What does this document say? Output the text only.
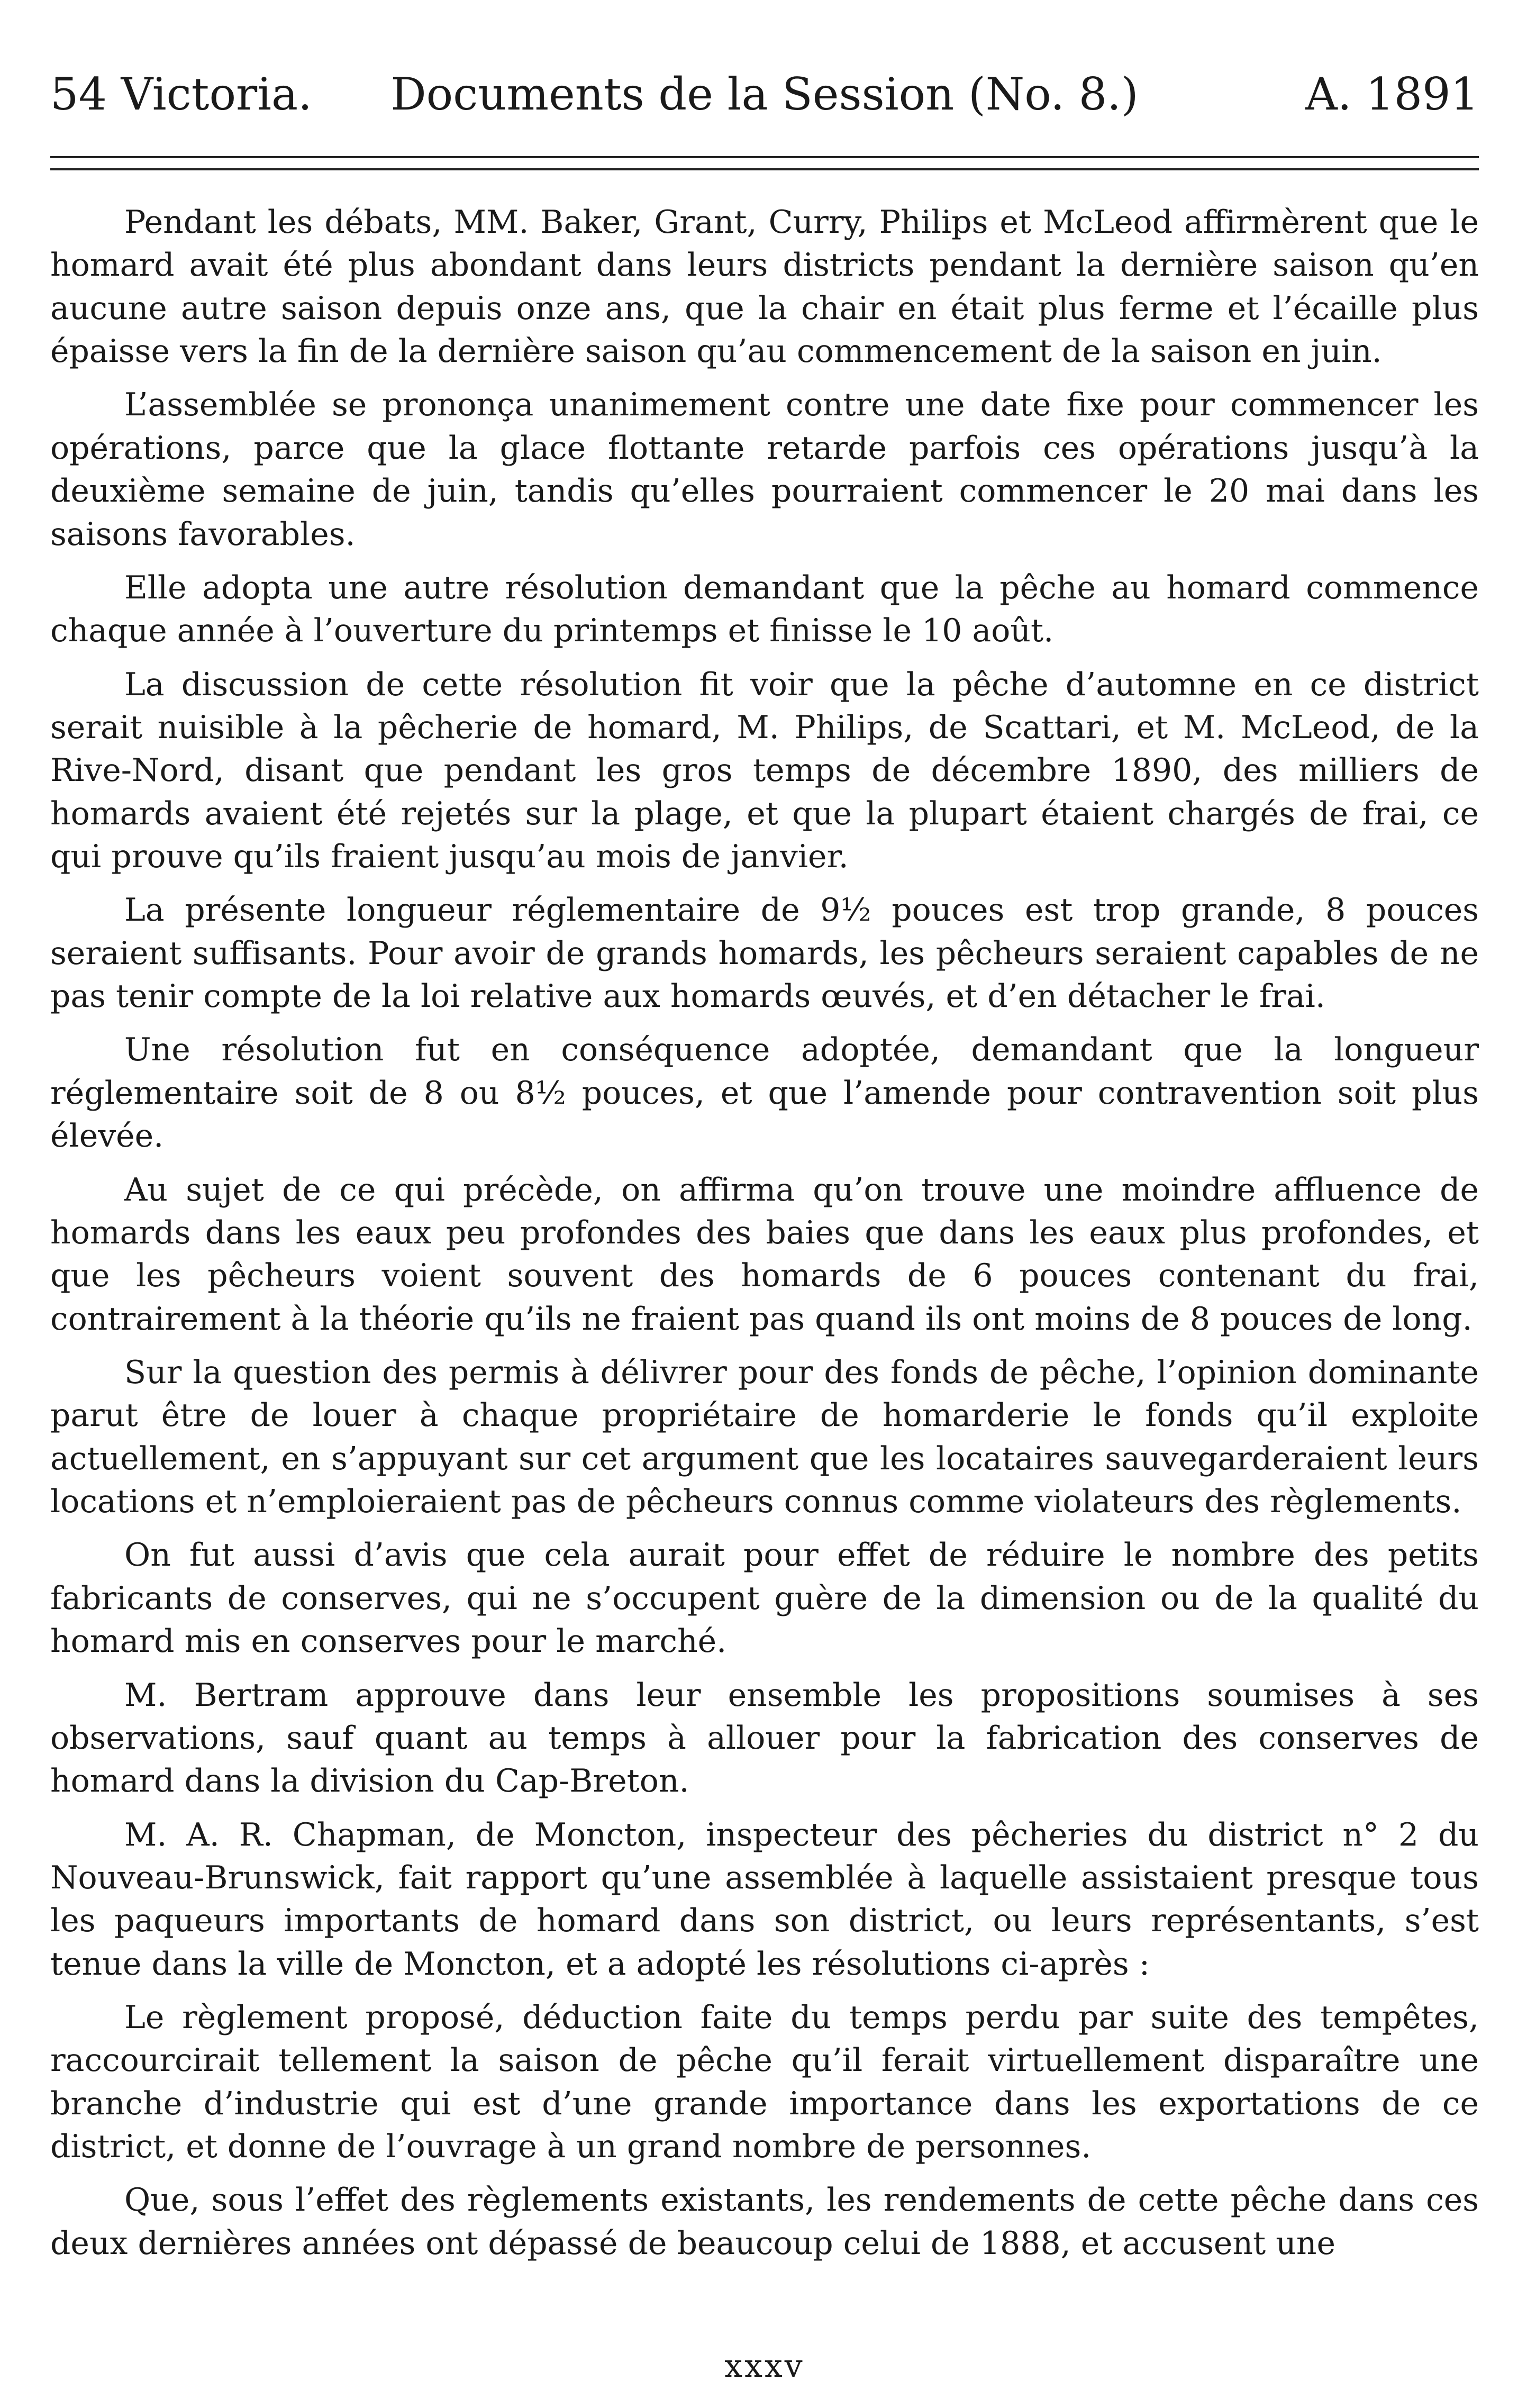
54 Victoria.	Documents de la Session (No. 8.)	A. 1891

Pendant les débats, MM. Baker, Grant, Curry, Philips et McLeod affirmèrent que le homard avait été plus abondant dans leurs districts pendant la dernière saison qu’en aucune autre saison depuis onze ans, que la chair en était plus ferme et l’écaille plus épaisse vers la fin de la dernière saison qu’au commencement de la saison en juin.

L’assemblée se prononça unanimement contre une date fixe pour commencer les opérations, parce que la glace flottante retarde parfois ces opérations jusqu’à la deuxième semaine de juin, tandis qu’elles pourraient commencer le 20 mai dans les saisons favorables.

Elle adopta une autre résolution demandant que la pêche au homard commence chaque année à l’ouverture du printemps et finisse le 10 août.

La discussion de cette résolution fit voir que la pêche d’automne en ce district serait nuisible à la pêcherie de homard, M. Philips, de Scattari, et M. McLeod, de la Rive-Nord, disant que pendant les gros temps de décembre 1890, des milliers de homards avaient été rejetés sur la plage, et que la plupart étaient chargés de frai, ce qui prouve qu’ils fraient jusqu’au mois de janvier.

La présente longueur réglementaire de 9½ pouces est trop grande, 8 pouces seraient suffisants. Pour avoir de grands homards, les pêcheurs seraient capables de ne pas tenir compte de la loi relative aux homards œuvés, et d’en détacher le frai.

Une résolution fut en conséquence adoptée, demandant que la longueur réglementaire soit de 8 ou 8½ pouces, et que l’amende pour contravention soit plus élevée.

Au sujet de ce qui précède, on affirma qu’on trouve une moindre affluence de homards dans les eaux peu profondes des baies que dans les eaux plus profondes, et que les pêcheurs voient souvent des homards de 6 pouces contenant du frai, contrairement à la théorie qu’ils ne fraient pas quand ils ont moins de 8 pouces de long.

Sur la question des permis à délivrer pour des fonds de pêche, l’opinion dominante parut être de louer à chaque propriétaire de homarderie le fonds qu’il exploite actuellement, en s’appuyant sur cet argument que les locataires sauvegarderaient leurs locations et n’emploieraient pas de pêcheurs connus comme violateurs des règlements.

On fut aussi d’avis que cela aurait pour effet de réduire le nombre des petits fabricants de conserves, qui ne s’occupent guère de la dimension ou de la qualité du homard mis en conserves pour le marché.

M. Bertram approuve dans leur ensemble les propositions soumises à ses observations, sauf quant au temps à allouer pour la fabrication des conserves de homard dans la division du Cap-Breton.

M. A. R. Chapman, de Moncton, inspecteur des pêcheries du district n° 2 du Nouveau-Brunswick, fait rapport qu’une assemblée à laquelle assistaient presque tous les paqueurs importants de homard dans son district, ou leurs représentants, s’est tenue dans la ville de Moncton, et a adopté les résolutions ci-après :

Le règlement proposé, déduction faite du temps perdu par suite des tempêtes, raccourcirait tellement la saison de pêche qu’il ferait virtuellement disparaître une branche d’industrie qui est d’une grande importance dans les exportations de ce district, et donne de l’ouvrage à un grand nombre de personnes.

Que, sous l’effet des règlements existants, les rendements de cette pêche dans ces deux dernières années ont dépassé de beaucoup celui de 1888, et accusent une

xxxv
